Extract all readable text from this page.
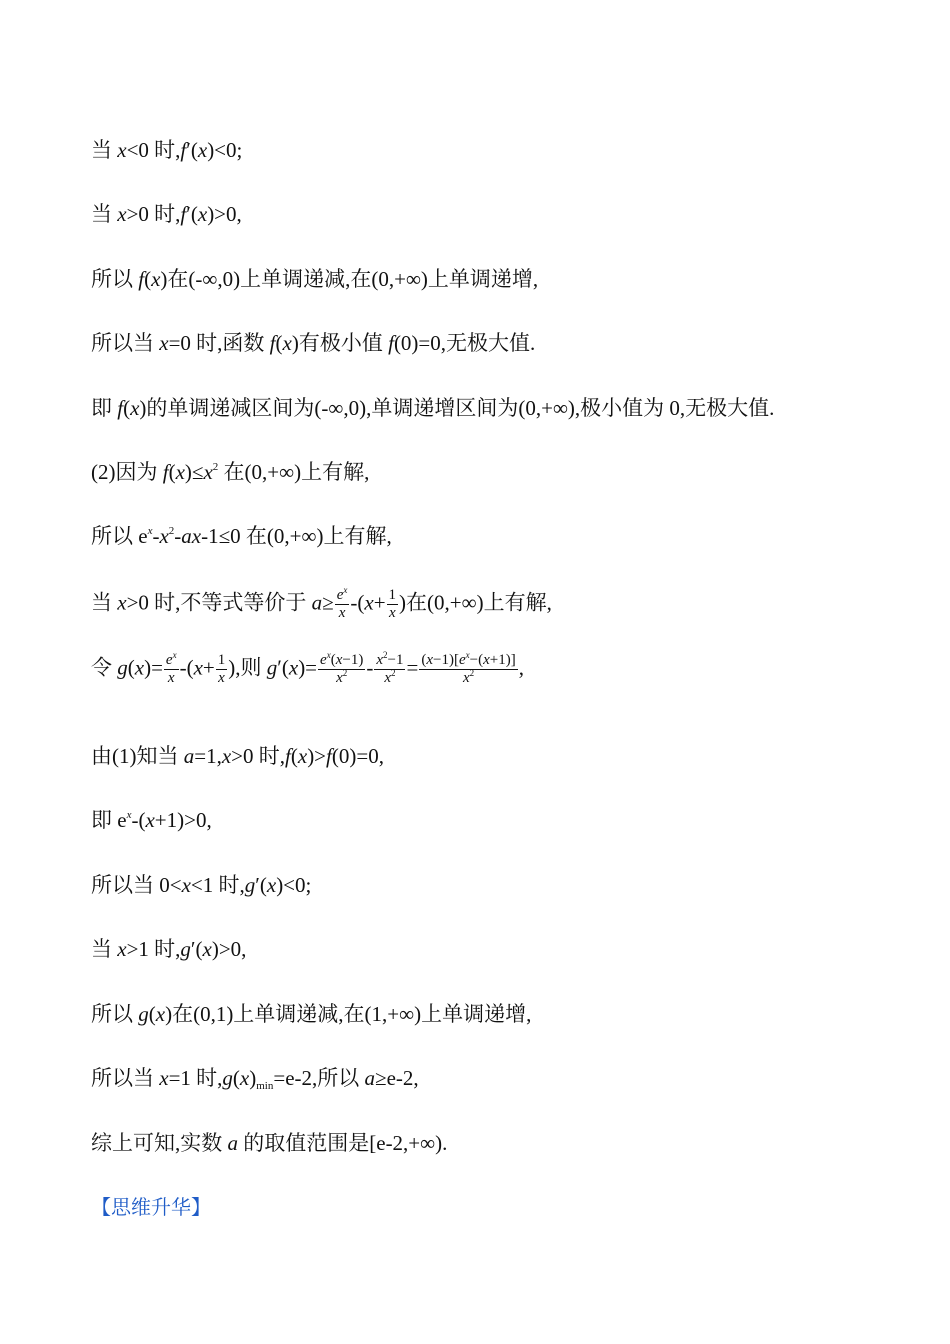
当 x<0 时,f′(x)<0;
当 x>0 时,f′(x)>0,
所以 f(x)在(-∞,0)上单调递减,在(0,+∞)上单调递增,
所以当 x=0 时,函数 f(x)有极小值 f(0)=0,无极大值.
即 f(x)的单调递减区间为(-∞,0),单调递增区间为(0,+∞),极小值为 0,无极大值.
(2)因为 $f(x)\le x^2$ 在(0,+∞)上有解,
所以 $e^x-x^2-ax-1\le 0$ 在(0,+∞)上有解,
当 x>0 时,不等式等价于 $a\ge \frac{e^x}{x} -(x+ \frac{1}{x}$ )在(0,+∞)上有解,
令 $g(x)= \frac{e^x}{x} -(x+ \frac{1}{x}$ ),则 $g'(x)= \frac{e^x(x-1)}{x^2} - \frac{x^2-1}{x^2} = \frac{(x-1)[e^x-(x+1)]}{x^2}$ ,
由(1)知当 a=1,x>0 时,f(x)>f(0)=0,
即 $e^x-(x+1)>0$,
所以当 0<x<1 时,g′(x)<0;
当 x>1 时,g′(x)>0,
所以 g(x)在(0,1)上单调递减,在(1,+∞)上单调递增,
所以当 x=1 时$,g(x)_{min}=e-2$,所以 a≥e-2,
综上可知,实数 a 的取值范围是[e-2,+∞).
【思维升华】
